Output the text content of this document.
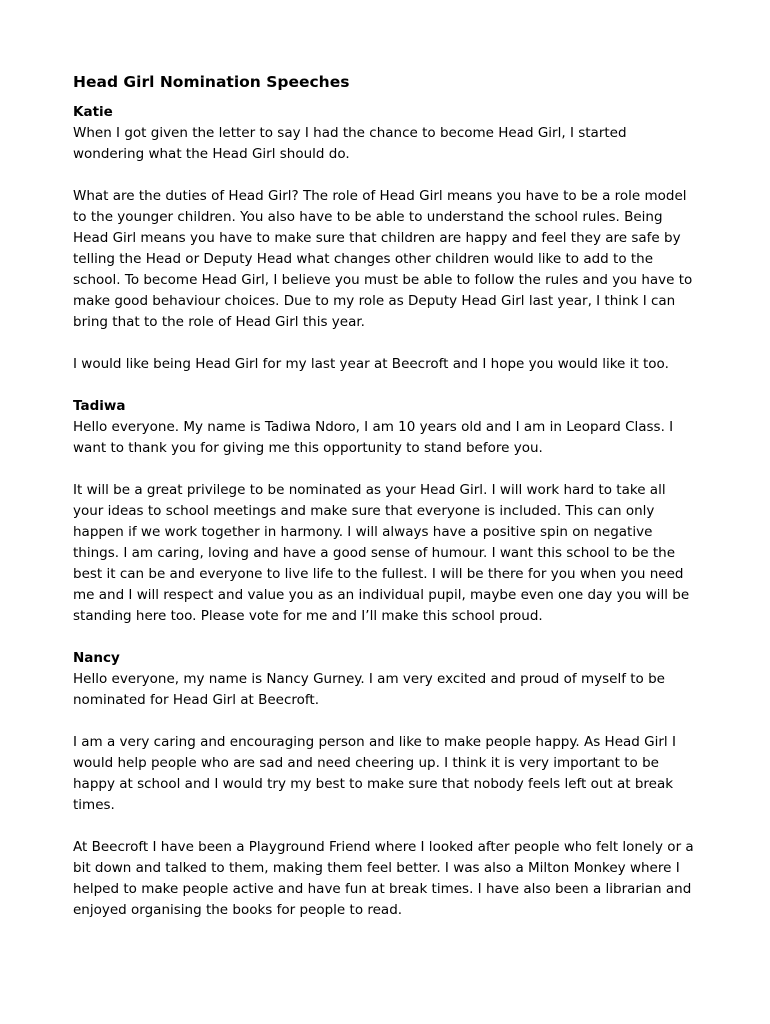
Head Girl Nomination Speeches

Katie

When I got given the letter to say I had the chance to become Head Girl, I started wondering what the Head Girl should do.

What are the duties of Head Girl? The role of Head Girl means you have to be a role model to the younger children. You also have to be able to understand the school rules. Being Head Girl means you have to make sure that children are happy and feel they are safe by telling the Head or Deputy Head what changes other children would like to add to the school. To become Head Girl, I believe you must be able to follow the rules and you have to make good behaviour choices. Due to my role as Deputy Head Girl last year, I think I can bring that to the role of Head Girl this year.

I would like being Head Girl for my last year at Beecroft and I hope you would like it too.

Tadiwa

Hello everyone. My name is Tadiwa Ndoro, I am 10 years old and I am in Leopard Class. I want to thank you for giving me this opportunity to stand before you.

It will be a great privilege to be nominated as your Head Girl. I will work hard to take all your ideas to school meetings and make sure that everyone is included. This can only happen if we work together in harmony. I will always have a positive spin on negative things. I am caring, loving and have a good sense of humour. I want this school to be the best it can be and everyone to live life to the fullest. I will be there for you when you need me and I will respect and value you as an individual pupil, maybe even one day you will be standing here too. Please vote for me and I’ll make this school proud.

Nancy

Hello everyone, my name is Nancy Gurney. I am very excited and proud of myself to be nominated for Head Girl at Beecroft.

I am a very caring and encouraging person and like to make people happy. As Head Girl I would help people who are sad and need cheering up. I think it is very important to be happy at school and I would try my best to make sure that nobody feels left out at break times.

At Beecroft I have been a Playground Friend where I looked after people who felt lonely or a bit down and talked to them, making them feel better. I was also a Milton Monkey where I helped to make people active and have fun at break times. I have also been a librarian and enjoyed organising the books for people to read.
